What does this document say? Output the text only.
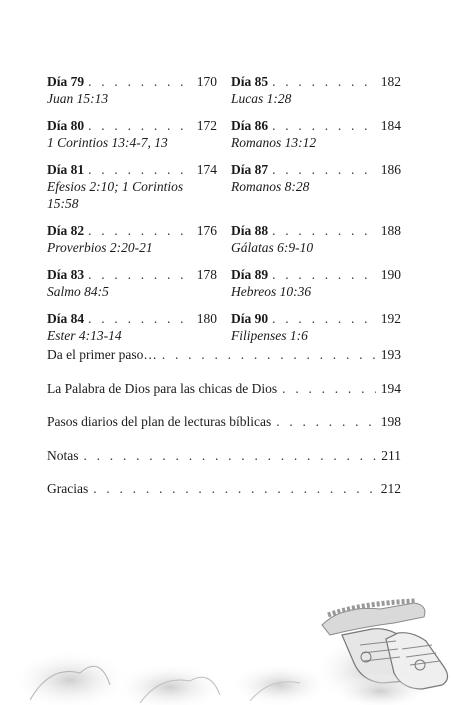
Día 79 . . .	170
Juan 15:13
Día 85 . . .	182
Lucas 1:28
Día 80 . . .	172
1 Corintios 13:4-7, 13
Día 86 . . .	184
Romanos 13:12
Día 81 . . .	174
Efesios 2:10; 1 Corintios 15:58
Día 87 . . .	186
Romanos 8:28
Día 82 . . .	176
Proverbios 2:20-21
Día 88 . . .	188
Gálatas 6:9-10
Día 83 . . .	178
Salmo 84:5
Día 89 . . .	190
Hebreos 10:36
Día 84 . . .	180
Ester 4:13-14
Día 90 . . .	192
Filipenses 1:6
Da el primer paso… . . .	193
La Palabra de Dios para las chicas de Dios . . .	194
Pasos diarios del plan de lecturas bíblicas . . .	198
Notas . . .	211
Gracias . . .	212
